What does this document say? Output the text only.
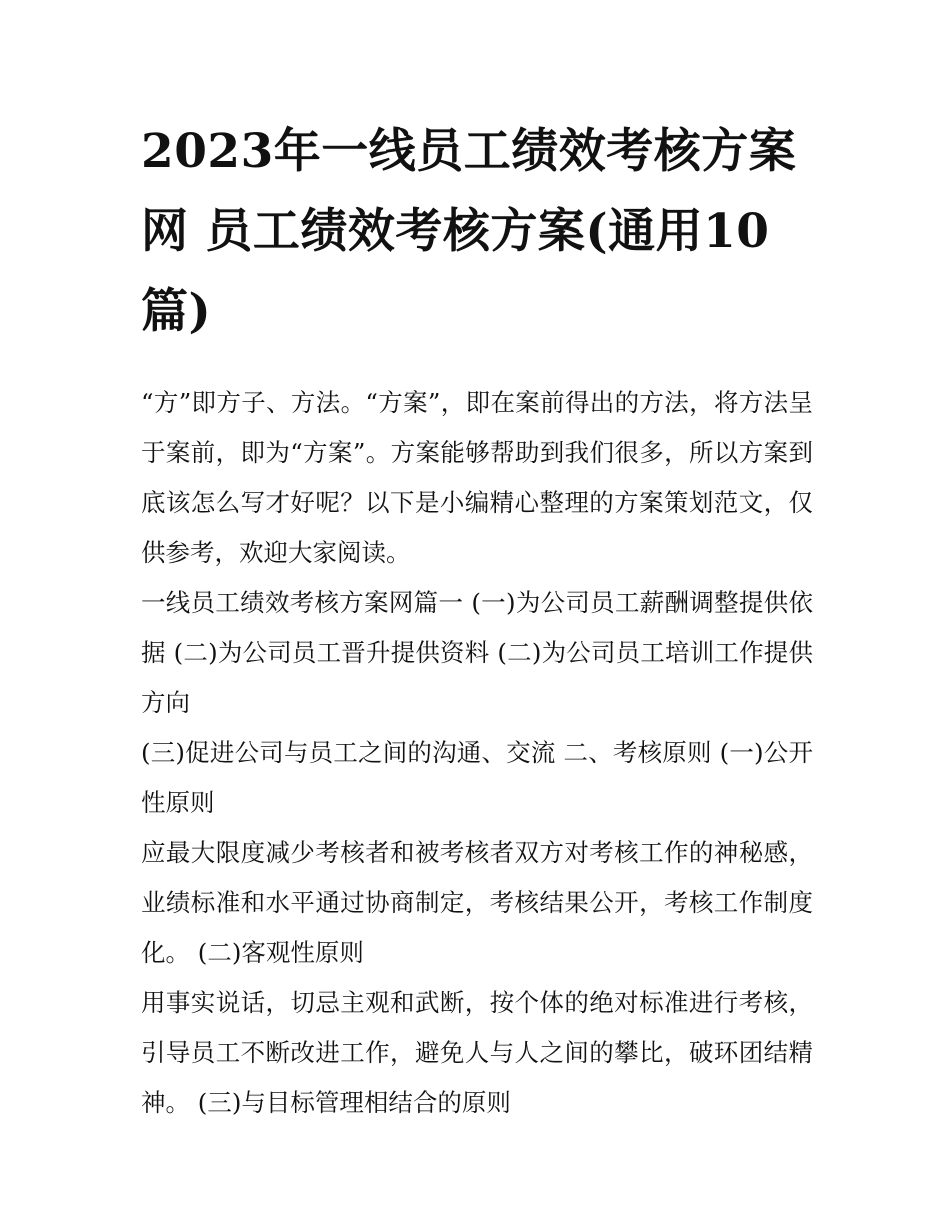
2023年一线员工绩效考核方案网 员工绩效考核方案(通用10篇)

“方”即方子、方法。“方案”，即在案前得出的方法，将方法呈于案前，即为“方案”。方案能够帮助到我们很多，所以方案到底该怎么写才好呢？以下是小编精心整理的方案策划范文，仅供参考，欢迎大家阅读。

一线员工绩效考核方案网篇一 (一)为公司员工薪酬调整提供依据 (二)为公司员工晋升提供资料 (二)为公司员工培训工作提供方向

(三)促进公司与员工之间的沟通、交流 二、考核原则 (一)公开性原则

应最大限度减少考核者和被考核者双方对考核工作的神秘感，业绩标准和水平通过协商制定，考核结果公开，考核工作制度化。 (二)客观性原则

用事实说话，切忌主观和武断，按个体的绝对标准进行考核，引导员工不断改进工作，避免人与人之间的攀比，破环团结精神。 (三)与目标管理相结合的原则
